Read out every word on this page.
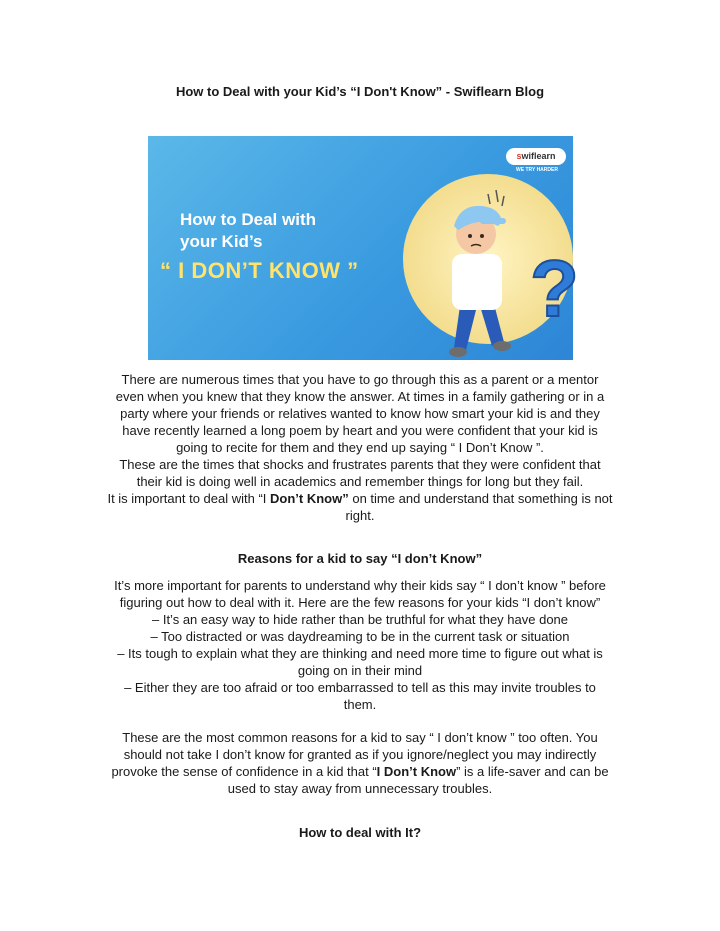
How to Deal with your Kid’s “I Don't Know” - Swiflearn Blog
swiflearn
WE TRY HARDER
How to Deal with
your Kid’s
“ I DON’T KNOW ” ?
There are numerous times that you have to go through this as a parent or a mentor
even when you knew that they know the answer. At times in a family gathering or in a
party where your friends or relatives wanted to know how smart your kid is and they
have recently learned a long poem by heart and you were confident that your kid is
going to recite for them and they end up saying “ I Don’t Know ”.
These are the times that shocks and frustrates parents that they were confident that
their kid is doing well in academics and remember things for long but they fail.
It is important to deal with “I Don’t Know” on time and understand that something is not
right.
Reasons for a kid to say “I don’t Know”
It’s more important for parents to understand why their kids say “ I don’t know ” before
figuring out how to deal with it. Here are the few reasons for your kids “I don’t know”
– It’s an easy way to hide rather than be truthful for what they have done
– Too distracted or was daydreaming to be in the current task or situation
– Its tough to explain what they are thinking and need more time to figure out what is
going on in their mind
– Either they are too afraid or too embarrassed to tell as this may invite troubles to
them.
These are the most common reasons for a kid to say “ I don’t know ” too often. You
should not take I don’t know for granted as if you ignore/neglect you may indirectly
provoke the sense of confidence in a kid that “I Don’t Know” is a life-saver and can be
used to stay away from unnecessary troubles.
How to deal with It?
